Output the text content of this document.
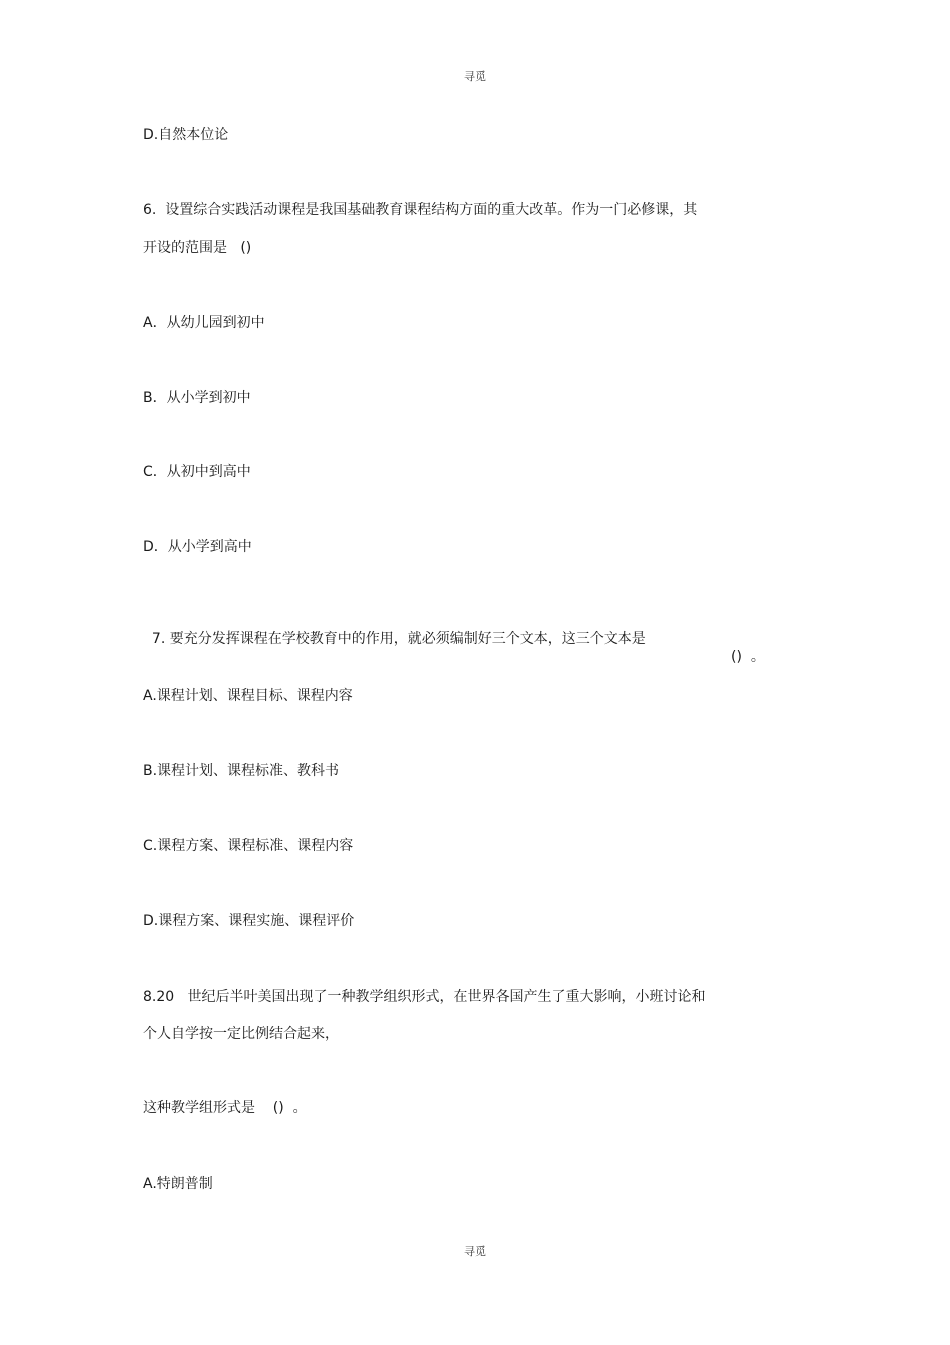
寻觅
D.自然本位论
6.  设置综合实践活动课程是我国基础教育课程结构方面的重大改革。作为一门必修课，其
开设的范围是   ()
A．从幼儿园到初中
B．从小学到初中
C．从初中到高中
D．从小学到高中

7. 要充分发挥课程在学校教育中的作用，就必须编制好三个文本，这三个文本是

()  。

A.课程计划、课程目标、课程内容
B.课程计划、课程标准、教科书
C.课程方案、课程标准、课程内容
D.课程方案、课程实施、课程评价
8.20   世纪后半叶美国出现了一种教学组织形式，在世界各国产生了重大影响，小班讨论和
个人自学按一定比例结合起来，
这种教学组形式是    ()  。
A.特朗普制
寻觅
